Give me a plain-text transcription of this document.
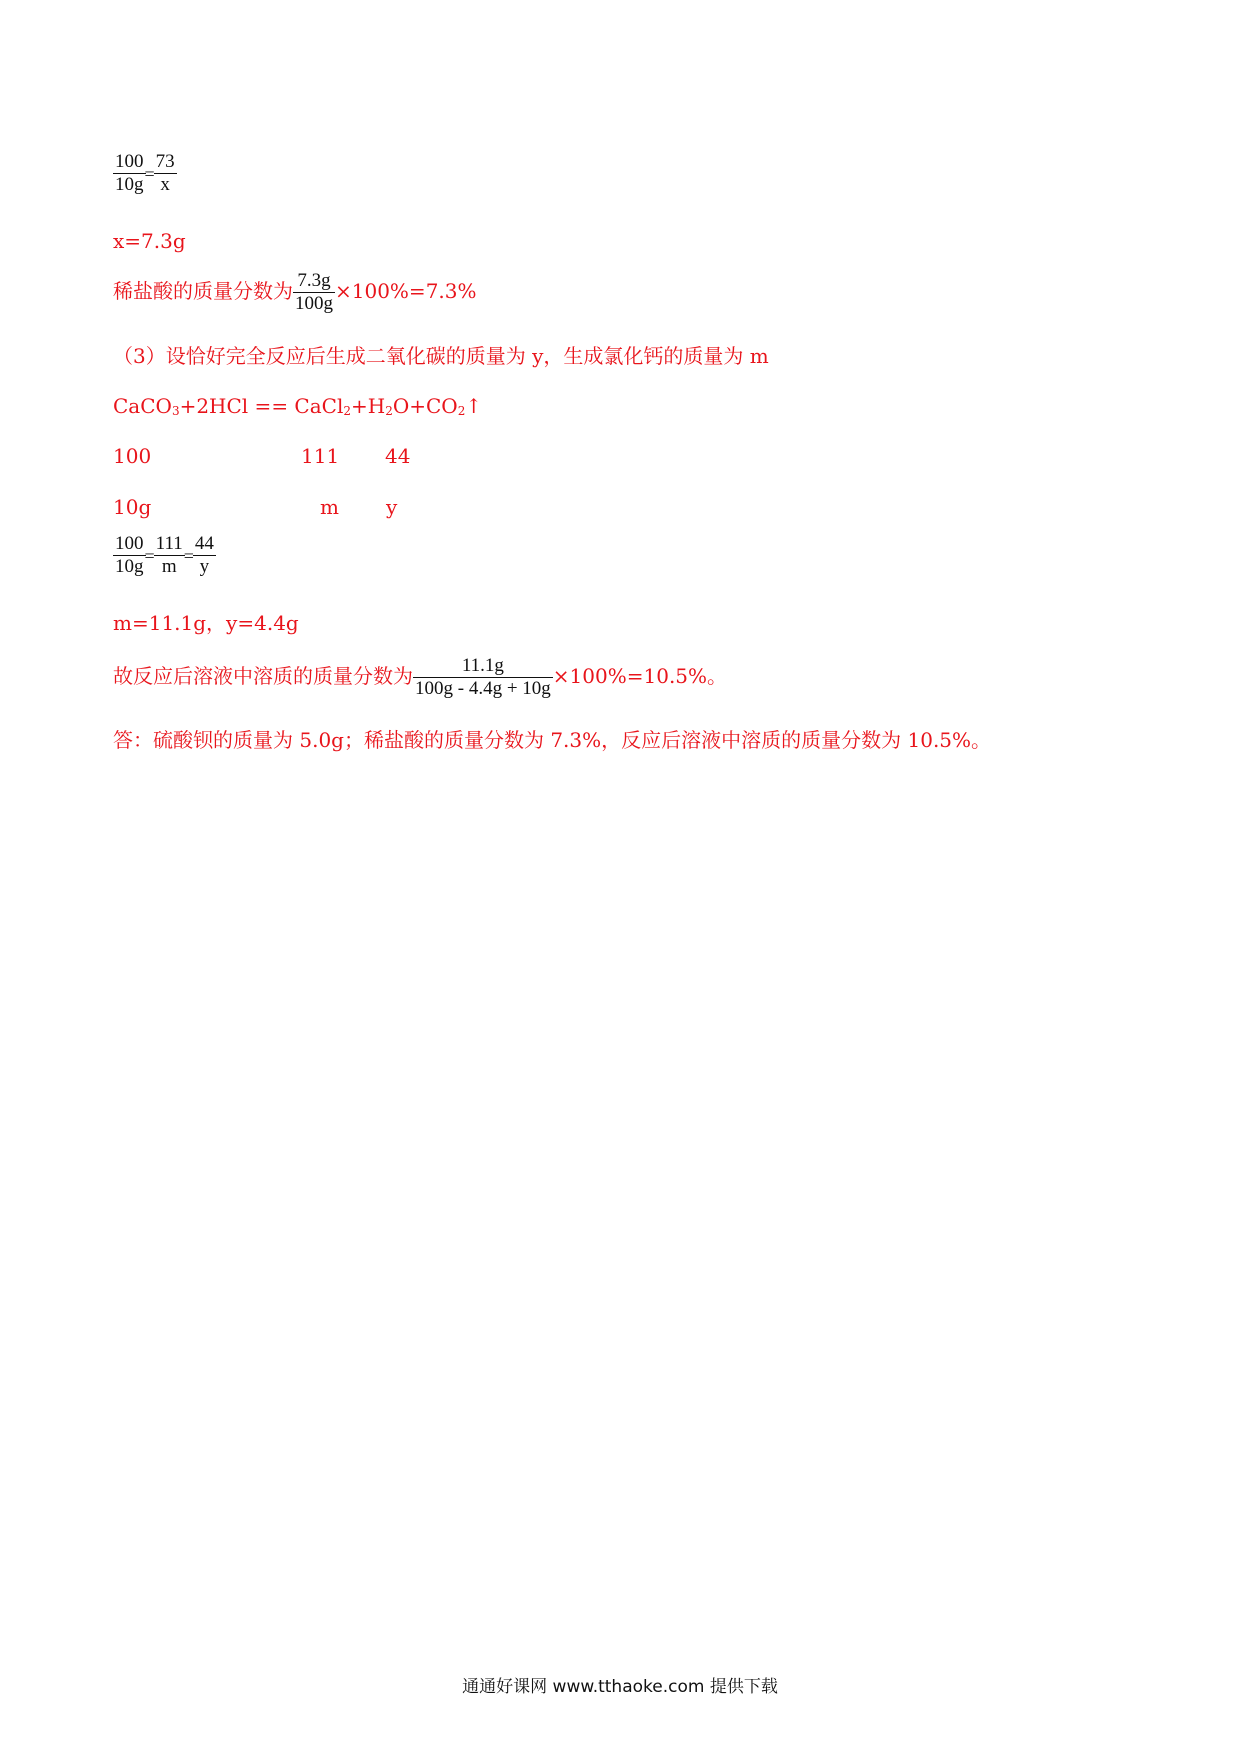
$\frac{100}{10g} = \frac{73}{x}$
x=7.3g
稀盐酸的质量分数为 $\frac{7.3g}{100g} \times 100\%=7.3\%$
（3）设恰好完全反应后生成二氧化碳的质量为 y，生成氯化钙的质量为 m
CaCO$_3$+2HCl == $CaCl_2+H_2O+CO_2↑$
100	111 44
10g	m y
$\frac{100}{10g} = \frac{111}{m} = \frac{44}{y}$
m=11.1g，y=4.4g
故反应后溶液中溶质的质量分数为 $\frac{11.1g}{100g - 4.4g + 10g} \times 100\%=10.5\%$。
答：硫酸钡的质量为 5.0g；稀盐酸的质量分数为 7.3%，反应后溶液中溶质的质量分数为 10.5%。
通通好课网 www.tthaoke.com 提供下载
